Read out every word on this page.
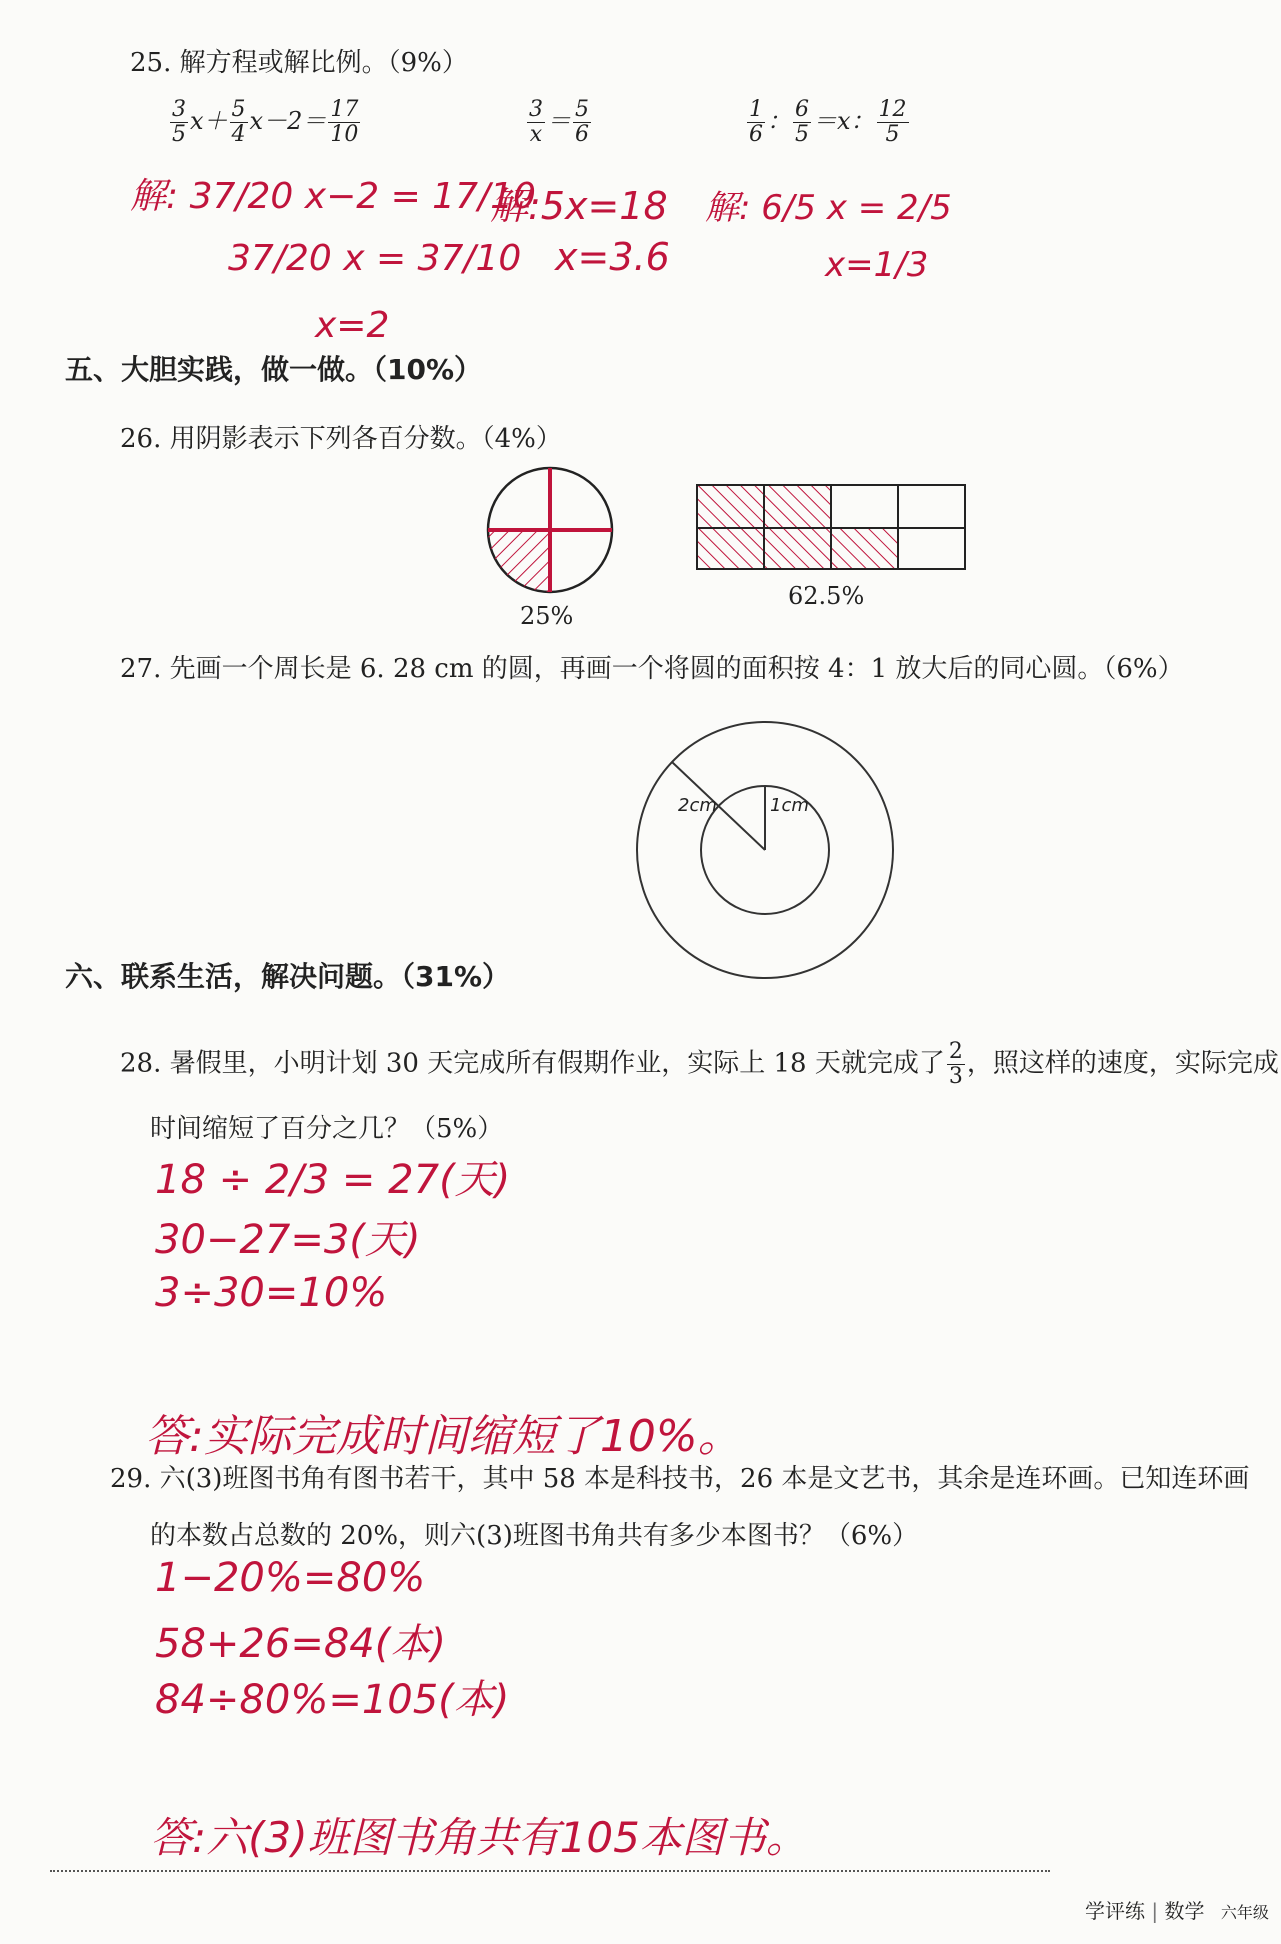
25. 解方程或解比例。（9%）
$\frac{3}{5} x+ \frac{5}{4} x-2= \frac{17}{10}$	$\frac{3}{x} = \frac{5}{6}$	$\frac{1}{6}$ ： $\frac{6}{5} =x$： $\frac{12}{5}$
解: 37/20 x−2 = 17/10
37/20 x = 37/10
x=2
解:5x=18
x=3.6
解: 6/5 x = 2/5
x=1/3
五、大胆实践，做一做。（10%）
26. 用阴影表示下列各百分数。（4%）
25%
62.5%
27. 先画一个周长是 6. 28 cm 的圆，再画一个将圆的面积按 4：1 放大后的同心圆。（6%）
2cm	1cm
六、联系生活，解决问题。（31%）
28. 暑假里，小明计划 30 天完成所有假期作业，实际上 18 天就完成了 $\frac{2}{3}$ ，照这样的速度，实际完成
时间缩短了百分之几？（5%）
18 ÷ 2/3 = 27(天)
30−27=3(天)
3÷30=10%
答:实际完成时间缩短了10%。
29. 六(3)班图书角有图书若干，其中 58 本是科技书，26 本是文艺书，其余是连环画。已知连环画
的本数占总数的 20%，则六(3)班图书角共有多少本图书？（6%）
1−20%=80%
58+26=84(本)
84÷80%=105(本)
答:六(3)班图书角共有105本图书。
学评练 | 数学 六年级
